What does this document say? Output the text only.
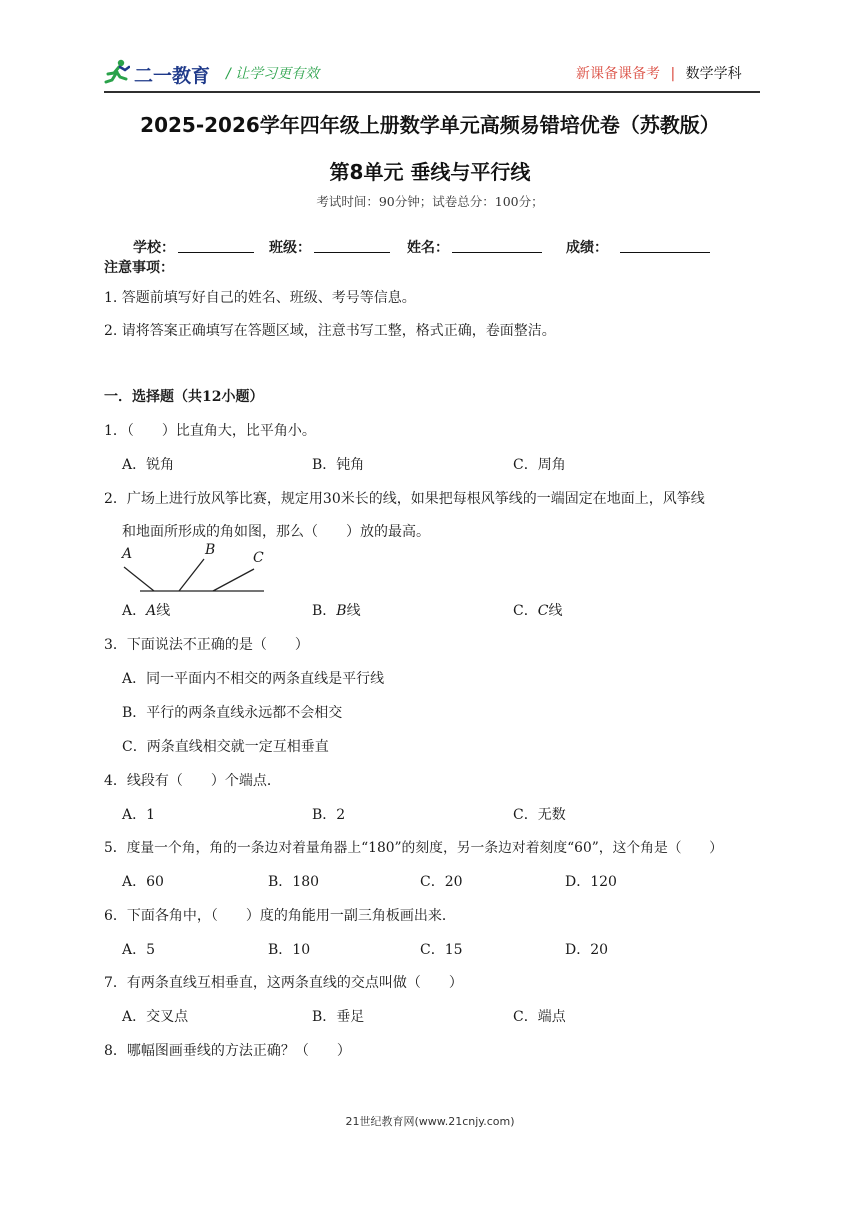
二一教育 / 让学习更有效	新课备课备考 | 数学学科
2025-2026学年四年级上册数学单元高频易错培优卷（苏教版）
第8单元 垂线与平行线
考试时间：90分钟；试卷总分：100分；
学校：	班级：	姓名：	成绩：
注意事项：
1. 答题前填写好自己的姓名、班级、考号等信息。
2. 请将答案正确填写在答题区域，注意书写工整，格式正确，卷面整洁。
一．选择题（共12小题）
1．（　　）比直角大，比平角小。
A．锐角	B．钝角	C．周角
2．广场上进行放风筝比赛，规定用30米长的线，如果把每根风筝线的一端固定在地面上，风筝线
和地面所形成的角如图，那么（　　）放的最高。
A	B	C
A．A线	B．B线	C．C线
3．下面说法不正确的是（　　）
A．同一平面内不相交的两条直线是平行线
B．平行的两条直线永远都不会相交
C．两条直线相交就一定互相垂直
4．线段有（　　）个端点．
A．1	B．2	C．无数
5．度量一个角，角的一条边对着量角器上“180”的刻度，另一条边对着刻度“60”，这个角是（　　）
A．60	B．180	C．20	D．120
6．下面各角中，（　　）度的角能用一副三角板画出来．
A．5	B．10	C．15	D．20
7．有两条直线互相垂直，这两条直线的交点叫做（　　）
A．交叉点	B．垂足	C．端点
8．哪幅图画垂线的方法正确？（　　）
21世纪教育网(www.21cnjy.com)
